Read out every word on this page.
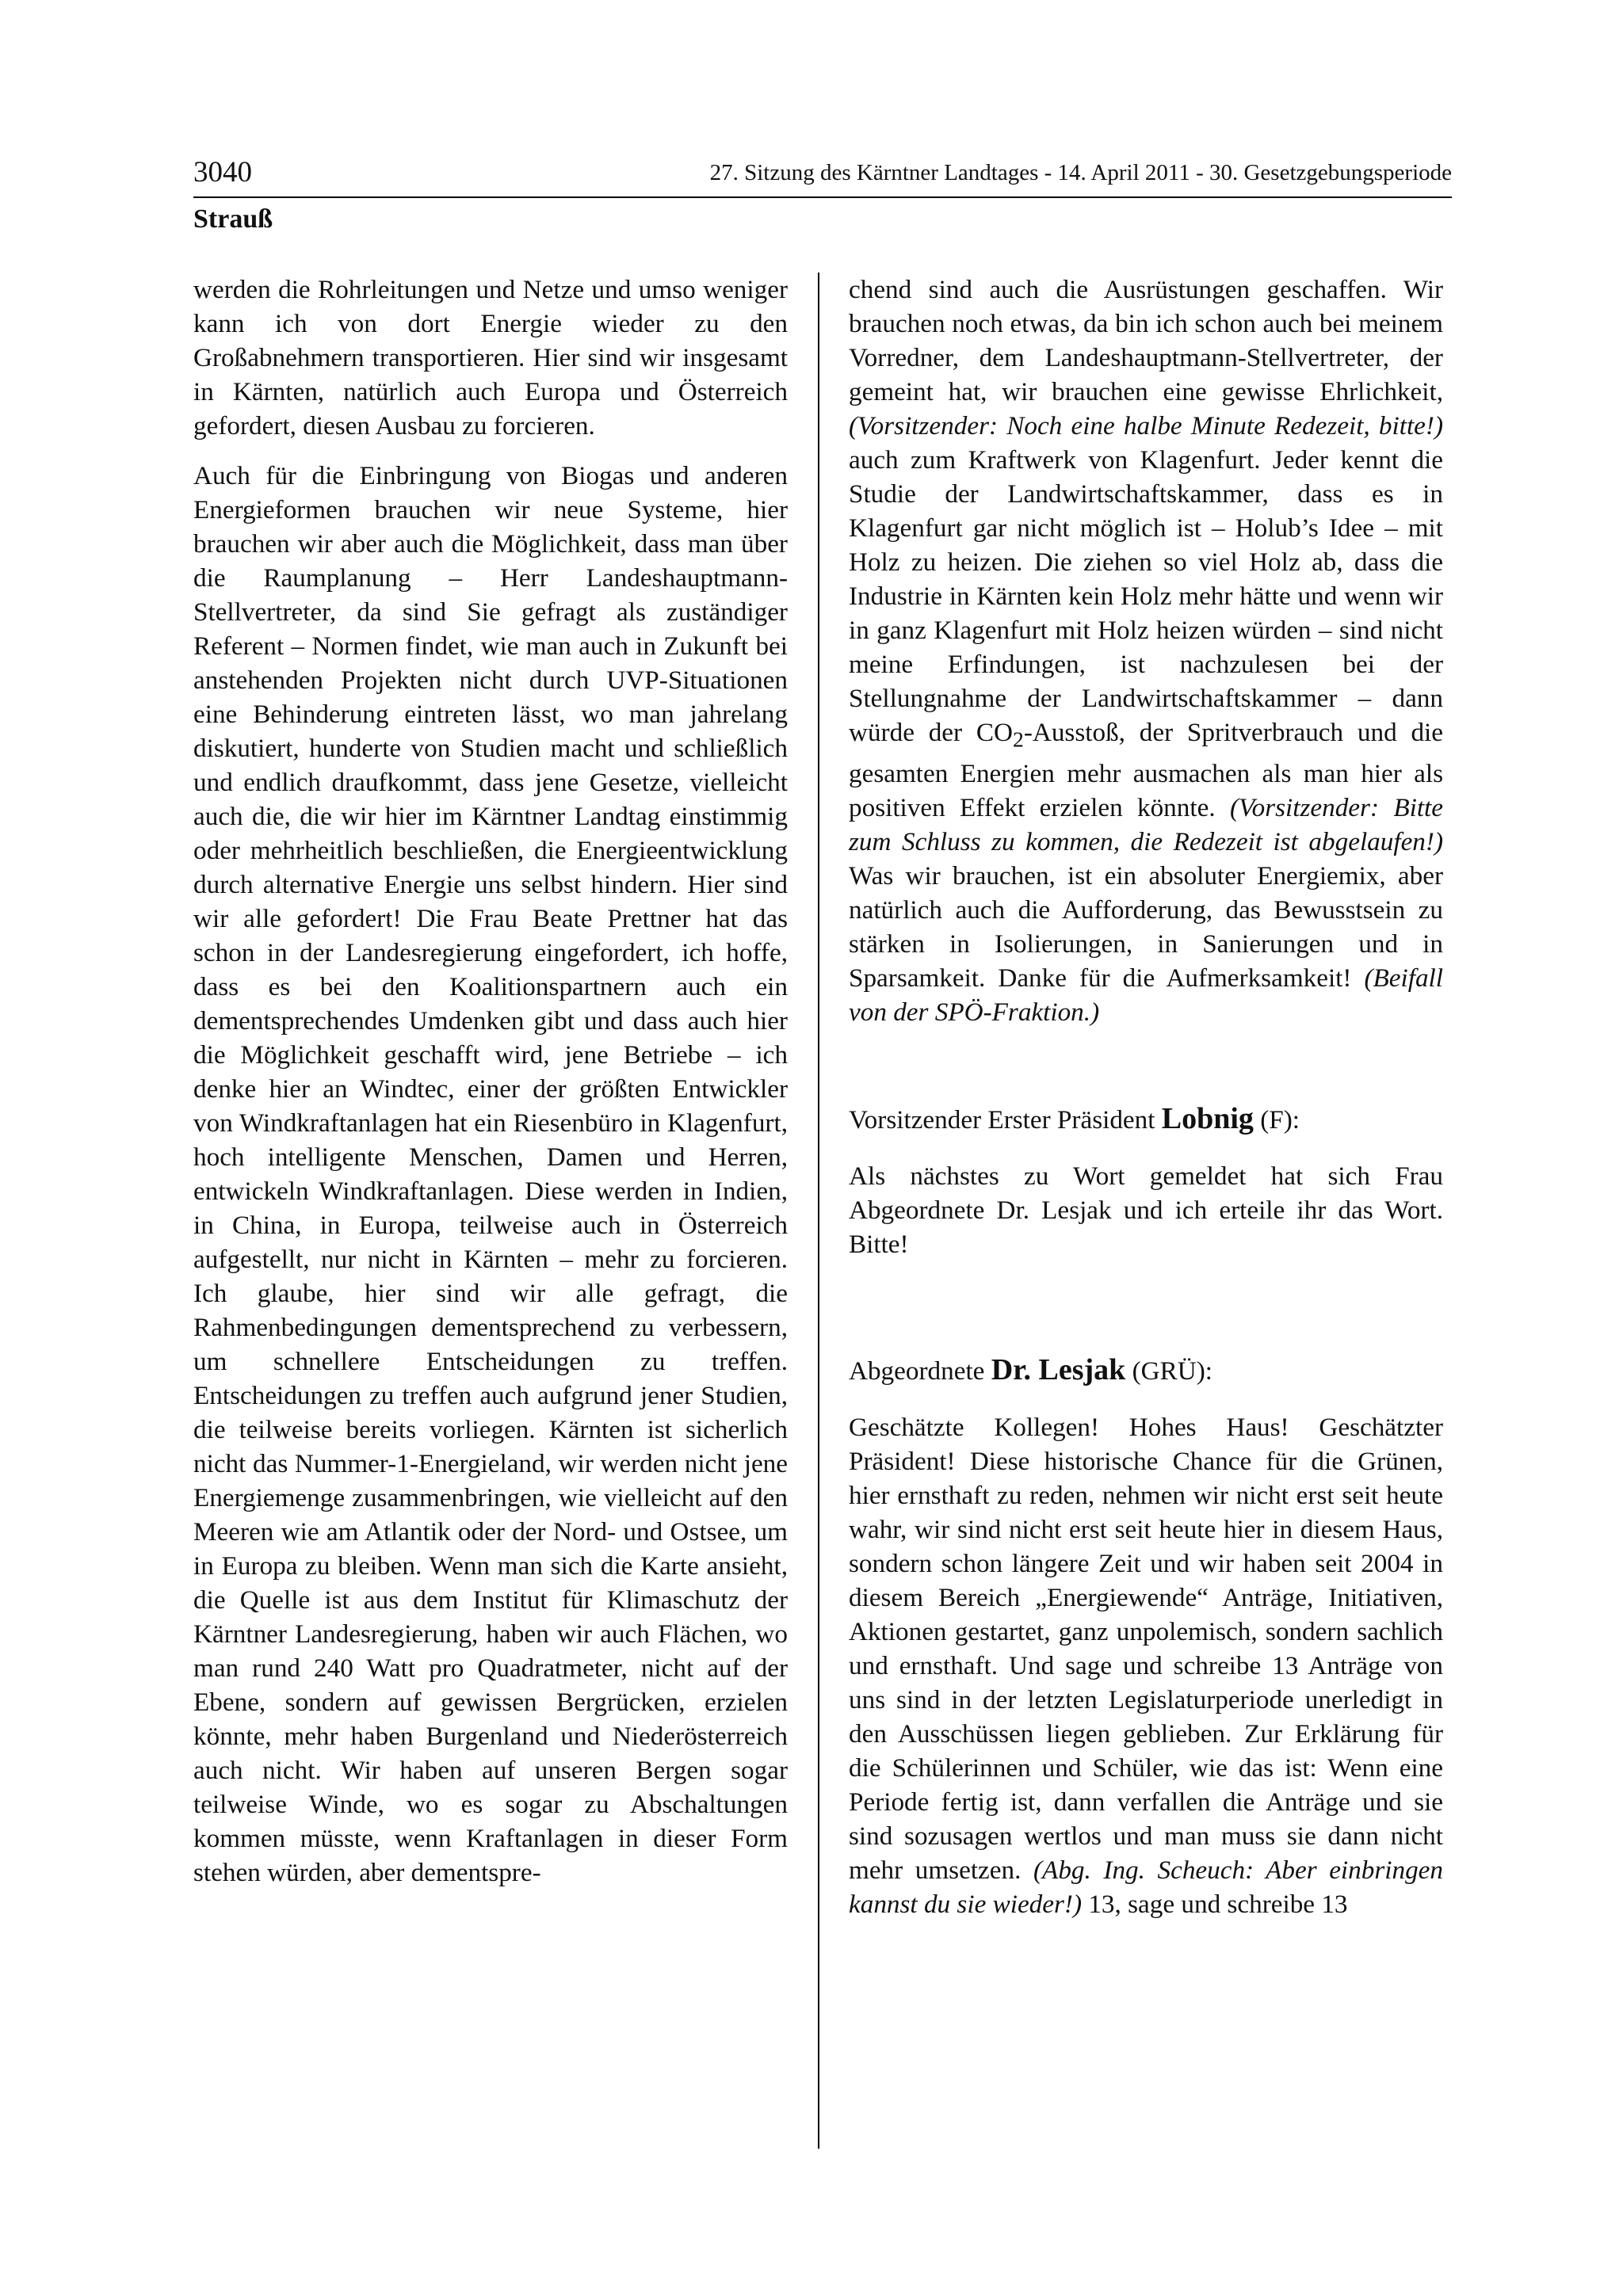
3040	27. Sitzung des Kärntner Landtages - 14. April 2011 - 30. Gesetzgebungsperiode
Strauß

werden die Rohrleitungen und Netze und umso weniger kann ich von dort Energie wieder zu den Großabnehmern transportieren. Hier sind wir insgesamt in Kärnten, natürlich auch Europa und Österreich gefordert, diesen Ausbau zu forcieren.

Auch für die Einbringung von Biogas und anderen Energieformen brauchen wir neue Systeme, hier brauchen wir aber auch die Möglichkeit, dass man über die Raumplanung – Herr Landeshauptmann-Stellvertreter, da sind Sie gefragt als zuständiger Referent – Normen findet, wie man auch in Zukunft bei anstehenden Projekten nicht durch UVP-Situationen eine Behinderung eintreten lässt, wo man jahrelang diskutiert, hunderte von Studien macht und schließlich und endlich draufkommt, dass jene Gesetze, vielleicht auch die, die wir hier im Kärntner Landtag einstimmig oder mehrheitlich beschließen, die Energieentwicklung durch alternative Energie uns selbst hindern. Hier sind wir alle gefordert! Die Frau Beate Prettner hat das schon in der Landesregierung eingefordert, ich hoffe, dass es bei den Koalitionspartnern auch ein dementsprechendes Umdenken gibt und dass auch hier die Möglichkeit geschafft wird, jene Betriebe – ich denke hier an Windtec, einer der größten Entwickler von Windkraftanlagen hat ein Riesenbüro in Klagenfurt, hoch intelligente Menschen, Damen und Herren, entwickeln Windkraftanlagen. Diese werden in Indien, in China, in Europa, teilweise auch in Österreich aufgestellt, nur nicht in Kärnten – mehr zu forcieren. Ich glaube, hier sind wir alle gefragt, die Rahmenbedingungen dementsprechend zu verbessern, um schnellere Entscheidungen zu treffen. Entscheidungen zu treffen auch aufgrund jener Studien, die teilweise bereits vorliegen. Kärnten ist sicherlich nicht das Nummer-1-Energieland, wir werden nicht jene Energiemenge zusammenbringen, wie vielleicht auf den Meeren wie am Atlantik oder der Nord- und Ostsee, um in Europa zu bleiben. Wenn man sich die Karte ansieht, die Quelle ist aus dem Institut für Klimaschutz der Kärntner Landesregierung, haben wir auch Flächen, wo man rund 240 Watt pro Quadratmeter, nicht auf der Ebene, sondern auf gewissen Bergrücken, erzielen könnte, mehr haben Burgenland und Niederösterreich auch nicht. Wir haben auf unseren Bergen sogar teilweise Winde, wo es sogar zu Abschaltungen kommen müsste, wenn Kraftanlagen in dieser Form stehen würden, aber dementspre-

chend sind auch die Ausrüstungen geschaffen. Wir brauchen noch etwas, da bin ich schon auch bei meinem Vorredner, dem Landeshauptmann-Stellvertreter, der gemeint hat, wir brauchen eine gewisse Ehrlichkeit, (Vorsitzender: Noch eine halbe Minute Redezeit, bitte!) auch zum Kraftwerk von Klagenfurt. Jeder kennt die Studie der Landwirtschaftskammer, dass es in Klagenfurt gar nicht möglich ist – Holub’s Idee – mit Holz zu heizen. Die ziehen so viel Holz ab, dass die Industrie in Kärnten kein Holz mehr hätte und wenn wir in ganz Klagenfurt mit Holz heizen würden – sind nicht meine Erfindungen, ist nachzulesen bei der Stellungnahme der Landwirtschaftskammer – dann würde der $CO_2$-Ausstoß, der Spritverbrauch und die gesamten Energien mehr ausmachen als man hier als positiven Effekt erzielen könnte. (Vorsitzender: Bitte zum Schluss zu kommen, die Redezeit ist abgelaufen!) Was wir brauchen, ist ein absoluter Energiemix, aber natürlich auch die Aufforderung, das Bewusstsein zu stärken in Isolierungen, in Sanierungen und in Sparsamkeit. Danke für die Aufmerksamkeit! (Beifall von der SPÖ-Fraktion.)

Vorsitzender Erster Präsident Lobnig (F):

Als nächstes zu Wort gemeldet hat sich Frau Abgeordnete Dr. Lesjak und ich erteile ihr das Wort. Bitte!

Abgeordnete Dr. Lesjak (GRÜ):

Geschätzte Kollegen! Hohes Haus! Geschätzter Präsident! Diese historische Chance für die Grünen, hier ernsthaft zu reden, nehmen wir nicht erst seit heute wahr, wir sind nicht erst seit heute hier in diesem Haus, sondern schon längere Zeit und wir haben seit 2004 in diesem Bereich „Energiewende“ Anträge, Initiativen, Aktionen gestartet, ganz unpolemisch, sondern sachlich und ernsthaft. Und sage und schreibe 13 Anträge von uns sind in der letzten Legislaturperiode unerledigt in den Ausschüssen liegen geblieben. Zur Erklärung für die Schülerinnen und Schüler, wie das ist: Wenn eine Periode fertig ist, dann verfallen die Anträge und sie sind sozusagen wertlos und man muss sie dann nicht mehr umsetzen. (Abg. Ing. Scheuch: Aber einbringen kannst du sie wieder!) 13, sage und schreibe 13
